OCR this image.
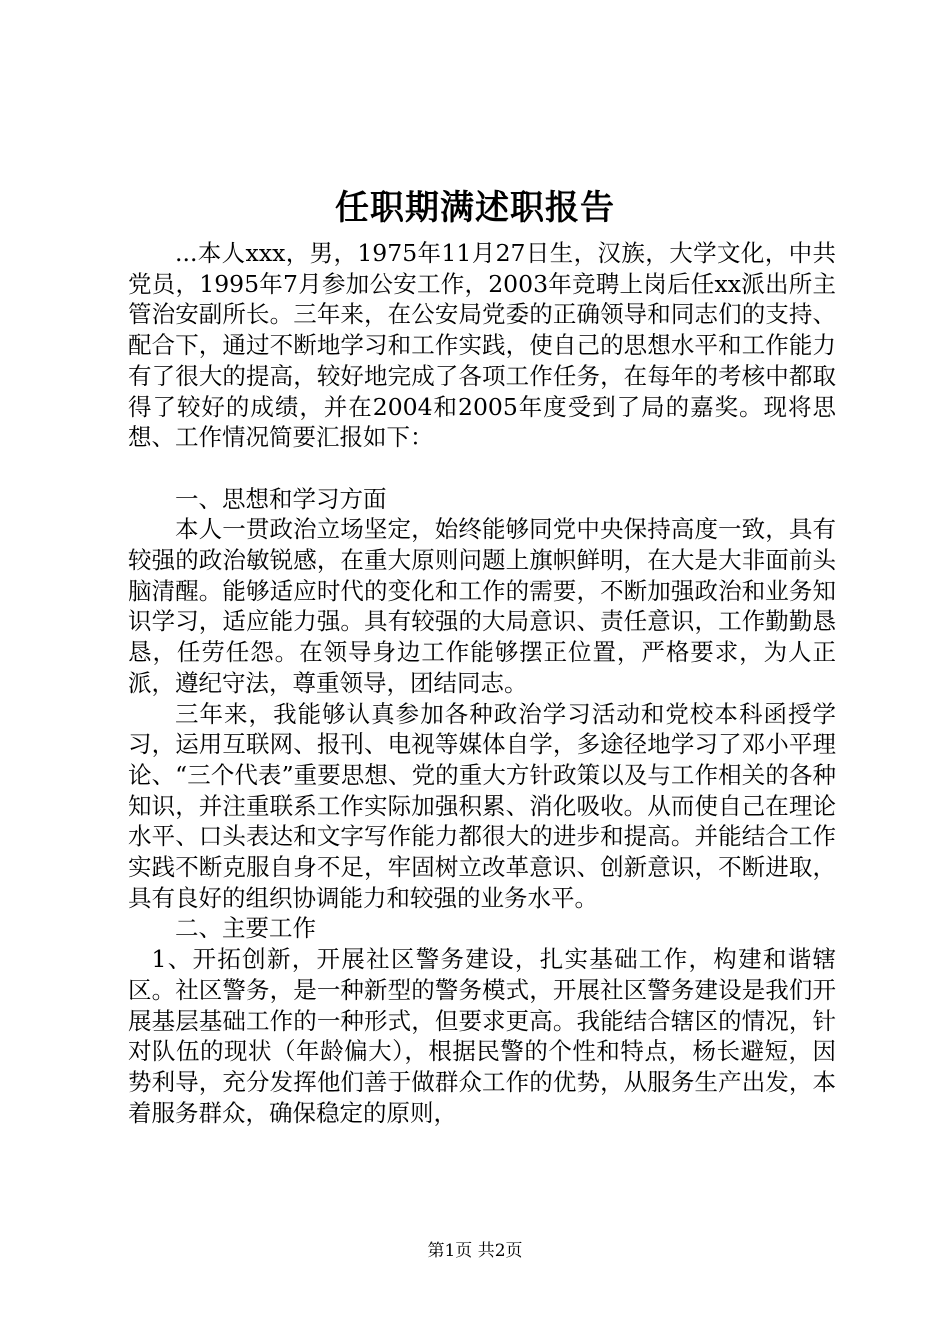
任职期满述职报告

...本人xxx，男，1975年11月27日生，汉族，大学文化，中共党员，1995年7月参加公安工作，2003年竞聘上岗后任xx派出所主管治安副所长。三年来，在公安局党委的正确领导和同志们的支持、配合下，通过不断地学习和工作实践，使自己的思想水平和工作能力有了很大的提高，较好地完成了各项工作任务，在每年的考核中都取得了较好的成绩，并在2004和2005年度受到了局的嘉奖。现将思想、工作情况简要汇报如下：

一、思想和学习方面

本人一贯政治立场坚定，始终能够同党中央保持高度一致，具有较强的政治敏锐感，在重大原则问题上旗帜鲜明，在大是大非面前头脑清醒。能够适应时代的变化和工作的需要，不断加强政治和业务知识学习，适应能力强。具有较强的大局意识、责任意识，工作勤勤恳恳，任劳任怨。在领导身边工作能够摆正位置，严格要求，为人正派，遵纪守法，尊重领导，团结同志。

三年来，我能够认真参加各种政治学习活动和党校本科函授学习，运用互联网、报刊、电视等媒体自学，多途径地学习了邓小平理论、“三个代表”重要思想、党的重大方针政策以及与工作相关的各种知识，并注重联系工作实际加强积累、消化吸收。从而使自己在理论水平、口头表达和文字写作能力都很大的进步和提高。并能结合工作实践不断克服自身不足，牢固树立改革意识、创新意识，不断进取，具有良好的组织协调能力和较强的业务水平。

二、主要工作

1、开拓创新，开展社区警务建设，扎实基础工作，构建和谐辖区。社区警务，是一种新型的警务模式，开展社区警务建设是我们开展基层基础工作的一种形式，但要求更高。我能结合辖区的情况，针对队伍的现状（年龄偏大），根据民警的个性和特点，杨长避短，因势利导，充分发挥他们善于做群众工作的优势，从服务生产出发，本着服务群众，确保稳定的原则，

第1页 共2页
